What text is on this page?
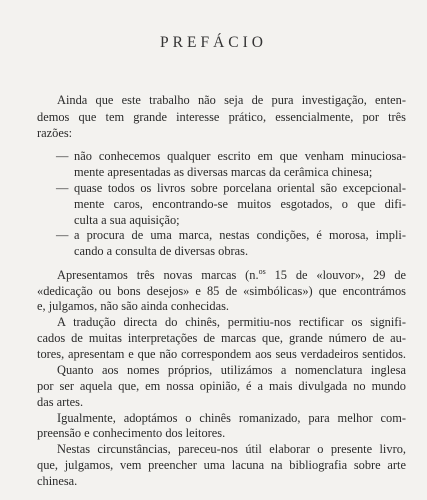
PREFÁCIO
Ainda que este trabalho não seja de pura investigação, enten-
demos que tem grande interesse prático, essencialmente, por três
razões:
— não conhecemos qualquer escrito em que venham minuciosa-
mente apresentadas as diversas marcas da cerâmica chinesa;
— quase todos os livros sobre porcelana oriental são excepcional-
mente caros, encontrando-se muitos esgotados, o que difi-
culta a sua aquisição;
— a procura de uma marca, nestas condições, é morosa, impli-
cando a consulta de diversas obras.
Apresentamos três novas marcas (n.$^{os}$ 15 de «louvor», 29 de
«dedicação ou bons desejos» e 85 de «simbólicas») que encontrámos
e, julgamos, não são ainda conhecidas.
A tradução directa do chinês, permitiu-nos rectificar os signifi-
cados de muitas interpretações de marcas que, grande número de au-
tores, apresentam e que não correspondem aos seus verdadeiros sentidos.
Quanto aos nomes próprios, utilizámos a nomenclatura inglesa
por ser aquela que, em nossa opinião, é a mais divulgada no mundo
das artes.
Igualmente, adoptámos o chinês romanizado, para melhor com-
preensão e conhecimento dos leitores.
Nestas circunstâncias, pareceu-nos útil elaborar o presente livro,
que, julgamos, vem preencher uma lacuna na bibliografia sobre arte
chinesa.
